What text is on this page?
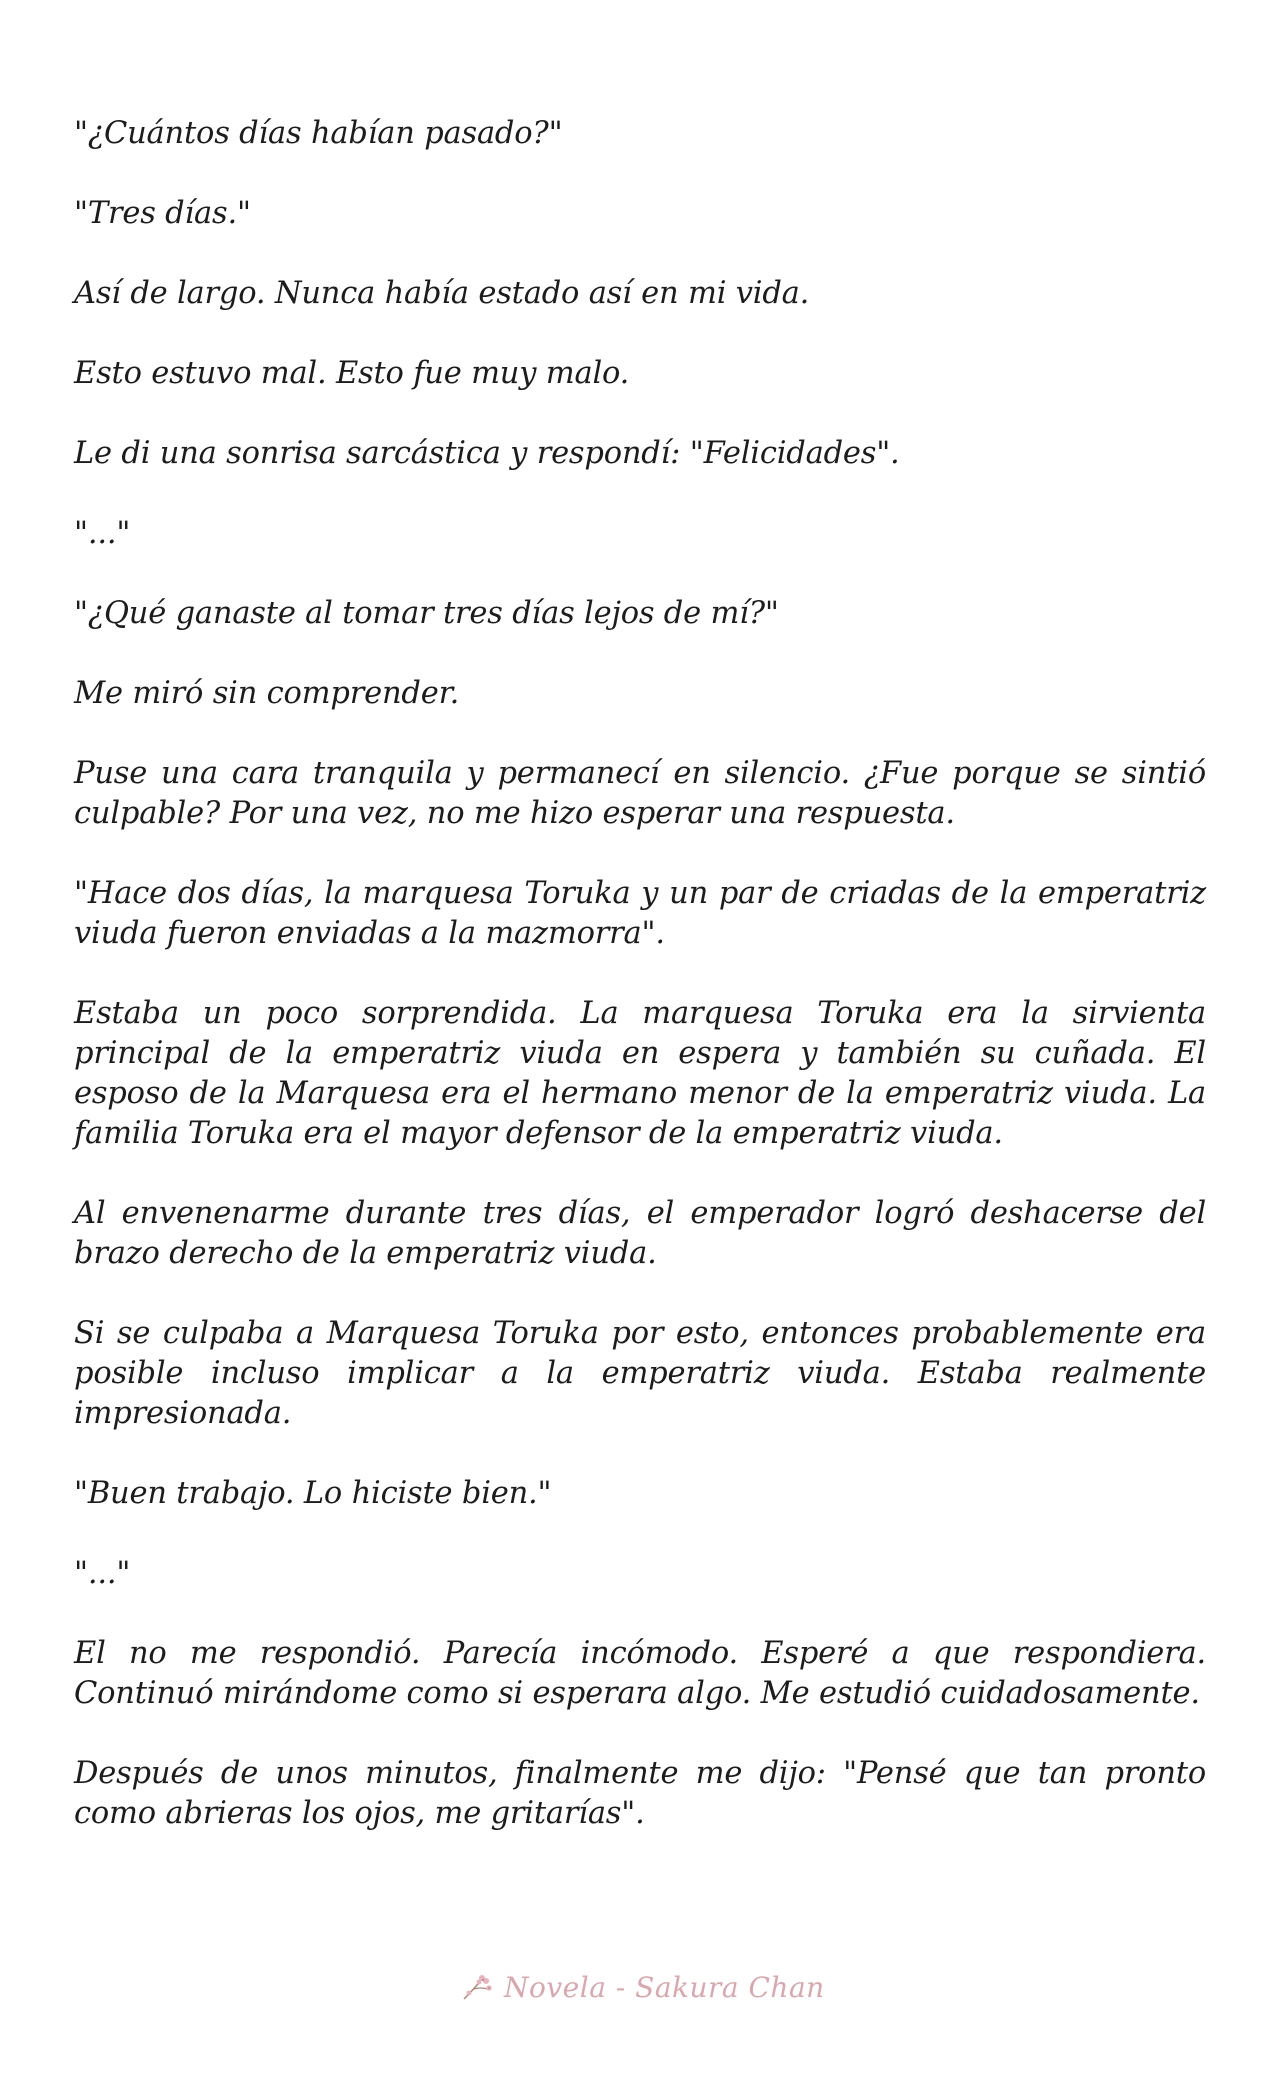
"¿Cuántos días habían pasado?"

"Tres días."

Así de largo. Nunca había estado así en mi vida.

Esto estuvo mal. Esto fue muy malo.

Le di una sonrisa sarcástica y respondí: "Felicidades".

"..."

"¿Qué ganaste al tomar tres días lejos de mí?"

Me miró sin comprender.

Puse una cara tranquila y permanecí en silencio. ¿Fue porque se sintió culpable? Por una vez, no me hizo esperar una respuesta.

"Hace dos días, la marquesa Toruka y un par de criadas de la emperatriz viuda fueron enviadas a la mazmorra".

Estaba un poco sorprendida. La marquesa Toruka era la sirvienta principal de la emperatriz viuda en espera y también su cuñada. El esposo de la Marquesa era el hermano menor de la emperatriz viuda. La familia Toruka era el mayor defensor de la emperatriz viuda.

Al envenenarme durante tres días, el emperador logró deshacerse del brazo derecho de la emperatriz viuda.

Si se culpaba a Marquesa Toruka por esto, entonces probablemente era posible incluso implicar a la emperatriz viuda. Estaba realmente impresionada.

"Buen trabajo. Lo hiciste bien."

"..."

El no me respondió. Parecía incómodo. Esperé a que respondiera. Continuó mirándome como si esperara algo. Me estudió cuidadosamente.

Después de unos minutos, finalmente me dijo: "Pensé que tan pronto como abrieras los ojos, me gritarías".

Novela - Sakura Chan
